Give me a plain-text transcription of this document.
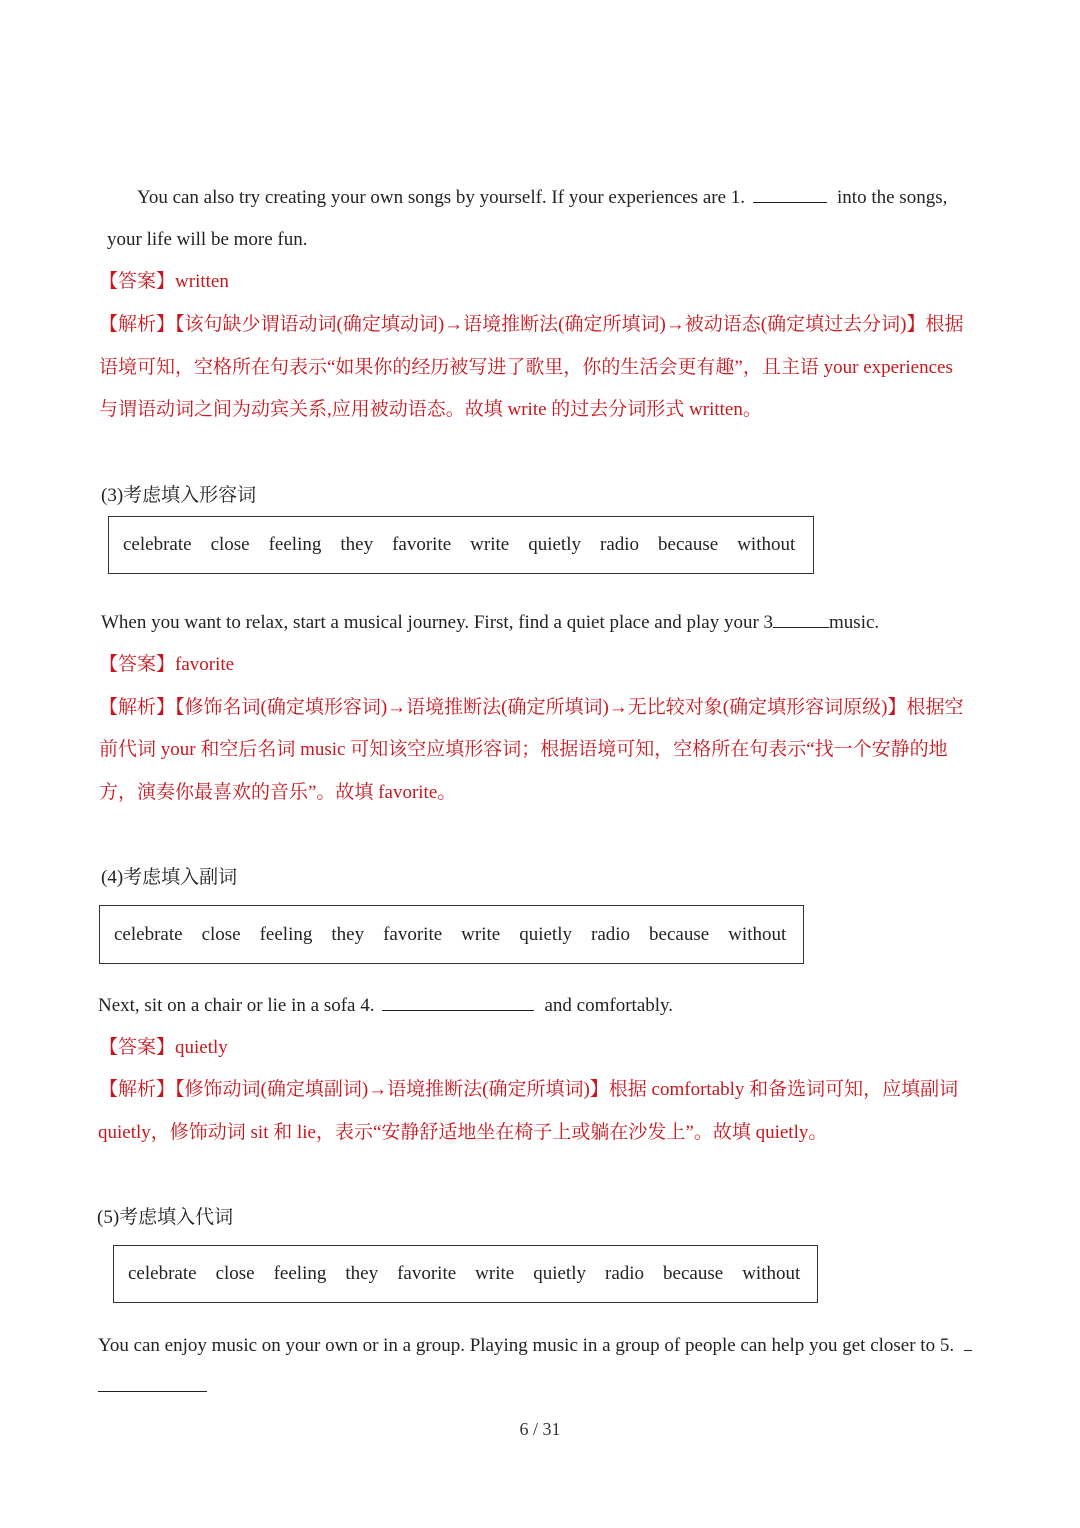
You can also try creating your own songs by yourself. If your experiences are 1.	into the songs,
your life will be more fun.
【答案】written
【解析】【该句缺少谓语动词(确定填动词)→语境推断法(确定所填词)→被动语态(确定填过去分词)】根据
语境可知，空格所在句表示“如果你的经历被写进了歌里，你的生活会更有趣”，且主语 your experiences
与谓语动词之间为动宾关系,应用被动语态。故填 write 的过去分词形式 written。
(3)考虑填入形容词
celebrate close feeling they favorite write quietly radio because without
When you want to relax, start a musical journey. First, find a quiet place and play your 3	music.
【答案】favorite
【解析】【修饰名词(确定填形容词)→语境推断法(确定所填词)→无比较对象(确定填形容词原级)】根据空
前代词 your 和空后名词 music 可知该空应填形容词；根据语境可知，空格所在句表示“找一个安静的地
方，演奏你最喜欢的音乐”。故填 favorite。
(4)考虑填入副词
celebrate close feeling they favorite write quietly radio because without
Next, sit on a chair or lie in a sofa 4.	and comfortably.
【答案】quietly
【解析】【修饰动词(确定填副词)→语境推断法(确定所填词)】根据 comfortably 和备选词可知，应填副词
quietly，修饰动词 sit 和 lie，表示“安静舒适地坐在椅子上或躺在沙发上”。故填 quietly。
(5)考虑填入代词
celebrate close feeling they favorite write quietly radio because without
You can enjoy music on your own or in a group. Playing music in a group of people can help you get closer to 5.
6 / 31
